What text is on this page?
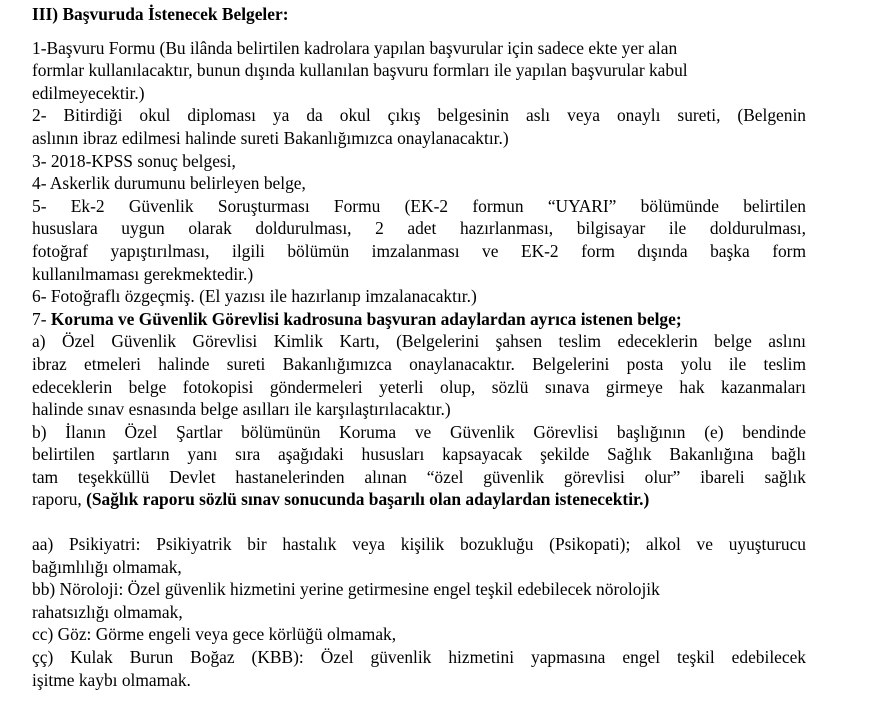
III) Başvuruda İstenecek Belgeler:
1-Başvuru Formu (Bu ilânda belirtilen kadrolara yapılan başvurular için sadece ekte yer alan
formlar kullanılacaktır, bunun dışında kullanılan başvuru formları ile yapılan başvurular kabul
edilmeyecektir.)
2- Bitirdiği okul diploması ya da okul çıkış belgesinin aslı veya onaylı sureti, (Belgenin
aslının ibraz edilmesi halinde sureti Bakanlığımızca onaylanacaktır.)
3- 2018-KPSS sonuç belgesi,
4- Askerlik durumunu belirleyen belge,
5- Ek-2 Güvenlik Soruşturması Formu (EK-2 formun “UYARI” bölümünde belirtilen
hususlara uygun olarak doldurulması, 2 adet hazırlanması, bilgisayar ile doldurulması,
fotoğraf yapıştırılması, ilgili bölümün imzalanması ve EK-2 form dışında başka form
kullanılmaması gerekmektedir.)
6- Fotoğraflı özgeçmiş. (El yazısı ile hazırlanıp imzalanacaktır.)
7- Koruma ve Güvenlik Görevlisi kadrosuna başvuran adaylardan ayrıca istenen belge;
a) Özel Güvenlik Görevlisi Kimlik Kartı, (Belgelerini şahsen teslim edeceklerin belge aslını
ibraz etmeleri halinde sureti Bakanlığımızca onaylanacaktır. Belgelerini posta yolu ile teslim
edeceklerin belge fotokopisi göndermeleri yeterli olup, sözlü sınava girmeye hak kazanmaları
halinde sınav esnasında belge asılları ile karşılaştırılacaktır.)
b) İlanın Özel Şartlar bölümünün Koruma ve Güvenlik Görevlisi başlığının (e) bendinde
belirtilen şartların yanı sıra aşağıdaki hususları kapsayacak şekilde Sağlık Bakanlığına bağlı
tam teşekküllü Devlet hastanelerinden alınan “özel güvenlik görevlisi olur” ibareli sağlık
raporu, (Sağlık raporu sözlü sınav sonucunda başarılı olan adaylardan istenecektir.)
aa) Psikiyatri: Psikiyatrik bir hastalık veya kişilik bozukluğu (Psikopati); alkol ve uyuşturucu
bağımlılığı olmamak,
bb) Nöroloji: Özel güvenlik hizmetini yerine getirmesine engel teşkil edebilecek nörolojik
rahatsızlığı olmamak,
cc) Göz: Görme engeli veya gece körlüğü olmamak,
çç) Kulak Burun Boğaz (KBB): Özel güvenlik hizmetini yapmasına engel teşkil edebilecek
işitme kaybı olmamak.
